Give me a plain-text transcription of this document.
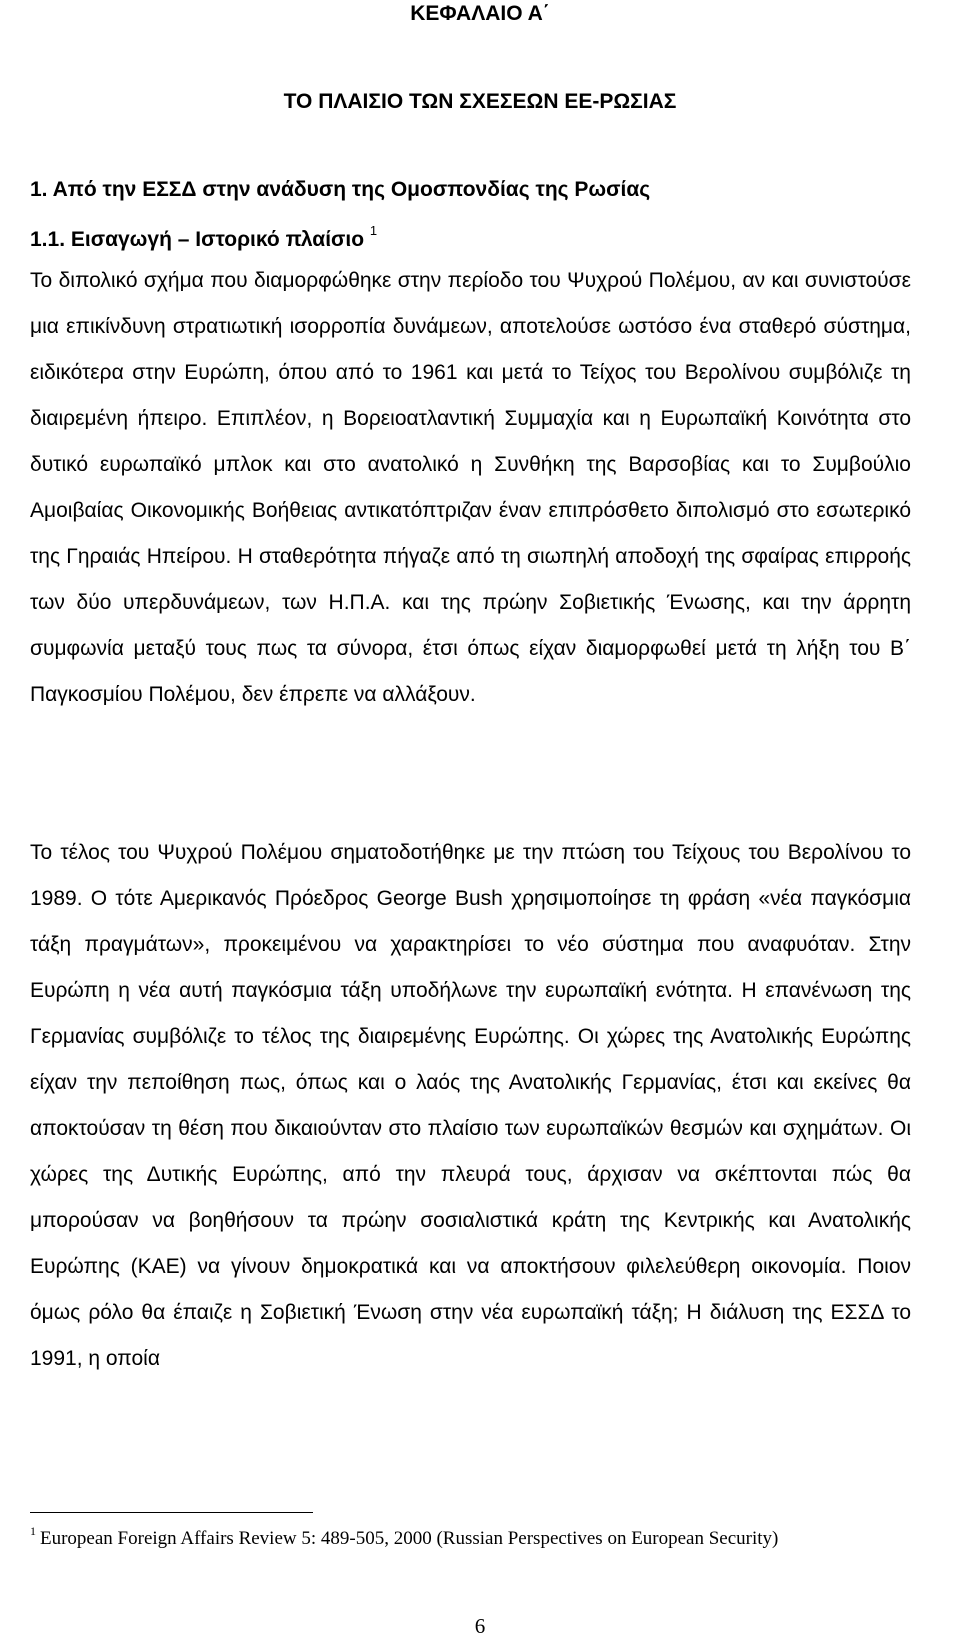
ΚΕΦΑΛΑΙΟ Α΄
ΤΟ ΠΛΑΙΣΙΟ ΤΩΝ ΣΧΕΣΕΩΝ ΕΕ-ΡΩΣΙΑΣ
1. Από την ΕΣΣΔ στην ανάδυση της Ομοσπονδίας της Ρωσίας
1.1. Εισαγωγή – Ιστορικό πλαίσιο $^1$

Το διπολικό σχήμα που διαμορφώθηκε στην περίοδο του Ψυχρού Πολέμου, αν και συνιστούσε μια επικίνδυνη στρατιωτική ισορροπία δυνάμεων, αποτελούσε ωστόσο ένα σταθερό σύστημα, ειδικότερα στην Ευρώπη, όπου από το 1961 και μετά το Τείχος του Βερολίνου συμβόλιζε τη διαιρεμένη ήπειρο. Επιπλέον, η Βορειοατλαντική Συμμαχία και η Ευρωπαϊκή Κοινότητα στο δυτικό ευρωπαϊκό μπλοκ και στο ανατολικό η Συνθήκη της Βαρσοβίας και το Συμβούλιο Αμοιβαίας Οικονομικής Βοήθειας αντικατόπτριζαν έναν επιπρόσθετο διπολισμό στο εσωτερικό της Γηραιάς Ηπείρου. Η σταθερότητα πήγαζε από τη σιωπηλή αποδοχή της σφαίρας επιρροής των δύο υπερδυνάμεων, των Η.Π.Α. και της πρώην Σοβιετικής Ένωσης, και την άρρητη συμφωνία μεταξύ τους πως τα σύνορα, έτσι όπως είχαν διαμορφωθεί μετά τη λήξη του Β΄ Παγκοσμίου Πολέμου, δεν έπρεπε να αλλάξουν.

Το τέλος του Ψυχρού Πολέμου σηματοδοτήθηκε με την πτώση του Τείχους του Βερολίνου το 1989. Ο τότε Αμερικανός Πρόεδρος George Bush χρησιμοποίησε τη φράση «νέα παγκόσμια τάξη πραγμάτων», προκειμένου να χαρακτηρίσει το νέο σύστημα που αναφυόταν. Στην Ευρώπη η νέα αυτή παγκόσμια τάξη υποδήλωνε την ευρωπαϊκή ενότητα. Η επανένωση της Γερμανίας συμβόλιζε το τέλος της διαιρεμένης Ευρώπης. Οι χώρες της Ανατολικής Ευρώπης είχαν την πεποίθηση πως, όπως και ο λαός της Ανατολικής Γερμανίας, έτσι και εκείνες θα αποκτούσαν τη θέση που δικαιούνταν στο πλαίσιο των ευρωπαϊκών θεσμών και σχημάτων. Οι χώρες της Δυτικής Ευρώπης, από την πλευρά τους, άρχισαν να σκέπτονται πώς θα μπορούσαν να βοηθήσουν τα πρώην σοσιαλιστικά κράτη της Κεντρικής και Ανατολικής Ευρώπης (ΚΑΕ) να γίνουν δημοκρατικά και να αποκτήσουν φιλελεύθερη οικονομία. Ποιον όμως ρόλο θα έπαιζε η Σοβιετική Ένωση στην νέα ευρωπαϊκή τάξη; Η διάλυση της ΕΣΣΔ το 1991, η οποία

$^1$ European Foreign Affairs Review 5: 489-505, 2000 (Russian Perspectives on European Security)
6
